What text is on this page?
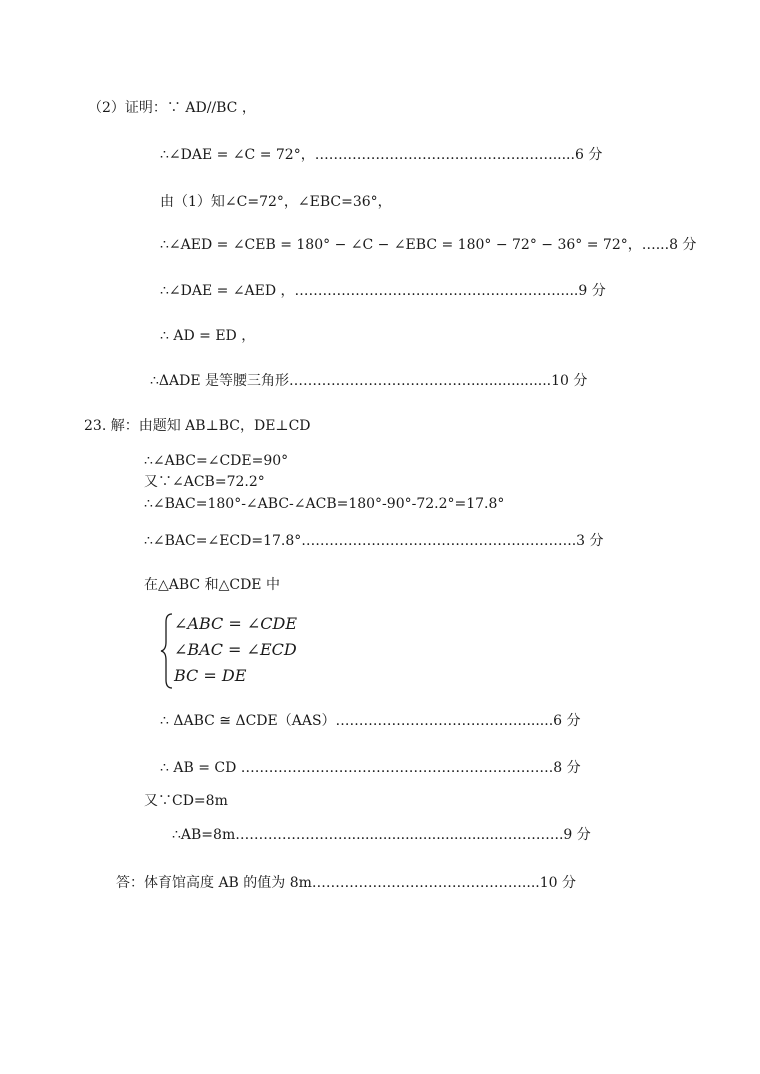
（2）证明：∵ AD//BC ，
∴∠DAE = ∠C = 72°，…………………………………………….....6 分
由（1）知∠C=72°，∠EBC=36°，
∴∠AED = ∠CEB = 180° − ∠C − ∠EBC = 180° − 72° − 36° = 72°，…...8 分
∴∠DAE = ∠AED ，…………………………………………………....9 分
∴ AD = ED ，
∴ΔADE 是等腰三角形…………………………………..................10 分
23. 解：由题知 AB⊥BC，DE⊥CD
∴∠ABC=∠CDE=90°
又∵∠ACB=72.2°
∴∠BAC=180°-∠ABC-∠ACB=180°-90°-72.2°=17.8°
∴∠BAC=∠ECD=17.8°…………………………………………………..3 分
在△ABC 和△CDE 中
∠ABC = ∠CDE
∠BAC = ∠ECD
BC = DE
∴ ΔABC ≅ ΔCDE（AAS）…………………………………........6 分
∴ AB = CD ………………………………………………………….8 分
又∵CD=8m
∴AB=8m……………………..................................…………..9 分
答：体育馆高度 AB 的值为 8m………………………………………....10 分
